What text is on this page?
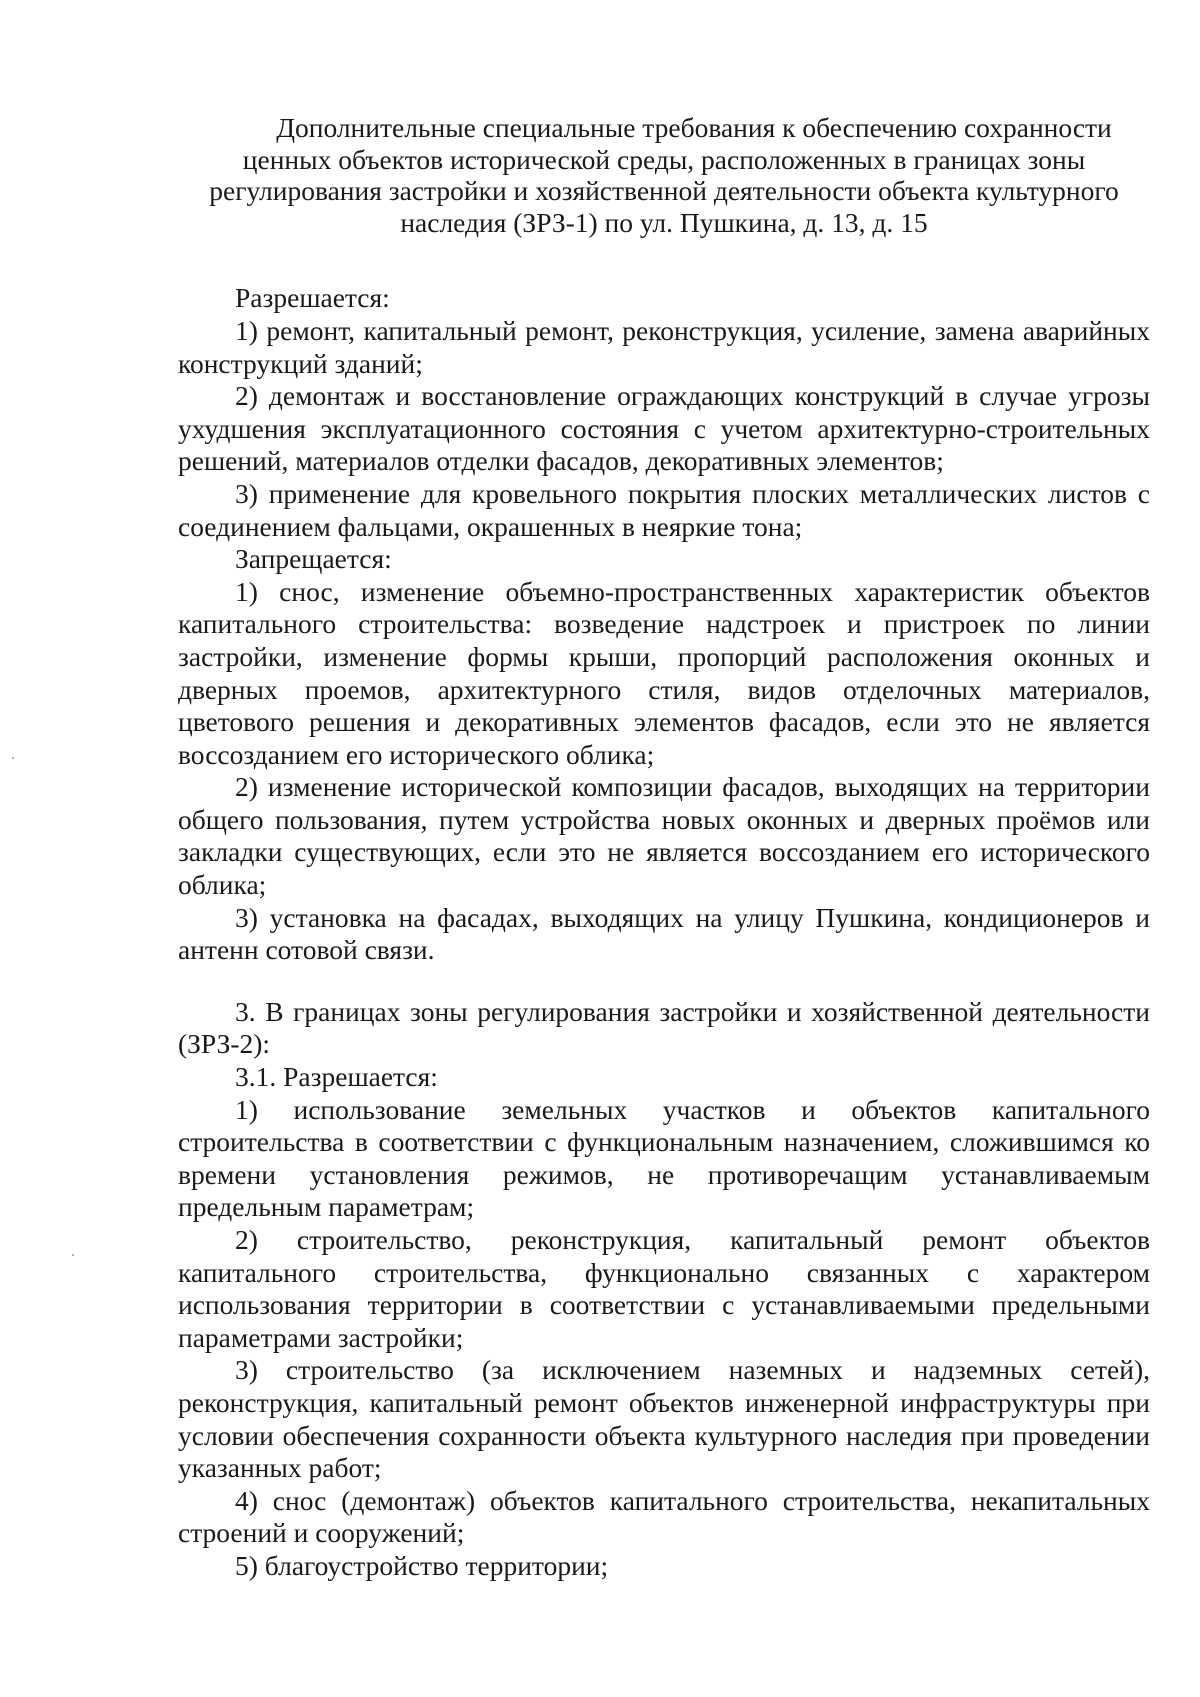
Дополнительные специальные требования к обеспечению сохранности
ценных объектов исторической среды, расположенных в границах зоны
регулирования застройки и хозяйственной деятельности объекта культурного
наследия (ЗРЗ-1) по ул. Пушкина, д. 13, д. 15

Разрешается:

1) ремонт, капитальный ремонт, реконструкция, усиление, замена аварийных конструкций зданий;

2) демонтаж и восстановление ограждающих конструкций в случае угрозы ухудшения эксплуатационного состояния с учетом архитектурно-строительных решений, материалов отделки фасадов, декоративных элементов;

3) применение для кровельного покрытия плоских металлических листов с соединением фальцами, окрашенных в неяркие тона;

Запрещается:

1) снос, изменение объемно-пространственных характеристик объектов капитального строительства: возведение надстроек и пристроек по линии застройки, изменение формы крыши, пропорций расположения оконных и дверных проемов, архитектурного стиля, видов отделочных материалов, цветового решения и декоративных элементов фасадов, если это не является воссозданием его исторического облика;

2) изменение исторической композиции фасадов, выходящих на территории общего пользования, путем устройства новых оконных и дверных проёмов или закладки существующих, если это не является воссозданием его исторического облика;

3) установка на фасадах, выходящих на улицу Пушкина, кондиционеров и антенн сотовой связи.

3. В границах зоны регулирования застройки и хозяйственной деятельности (ЗРЗ-2):

3.1. Разрешается:

1) использование земельных участков и объектов капитального строительства в соответствии с функциональным назначением, сложившимся ко времени установления режимов, не противоречащим устанавливаемым предельным параметрам;

2) строительство, реконструкция, капитальный ремонт объектов капитального строительства, функционально связанных с характером использования территории в соответствии с устанавливаемыми предельными параметрами застройки;

3) строительство (за исключением наземных и надземных сетей), реконструкция, капитальный ремонт объектов инженерной инфраструктуры при условии обеспечения сохранности объекта культурного наследия при проведении указанных работ;

4) снос (демонтаж) объектов капитального строительства, некапитальных строений и сооружений;

5) благоустройство территории;
